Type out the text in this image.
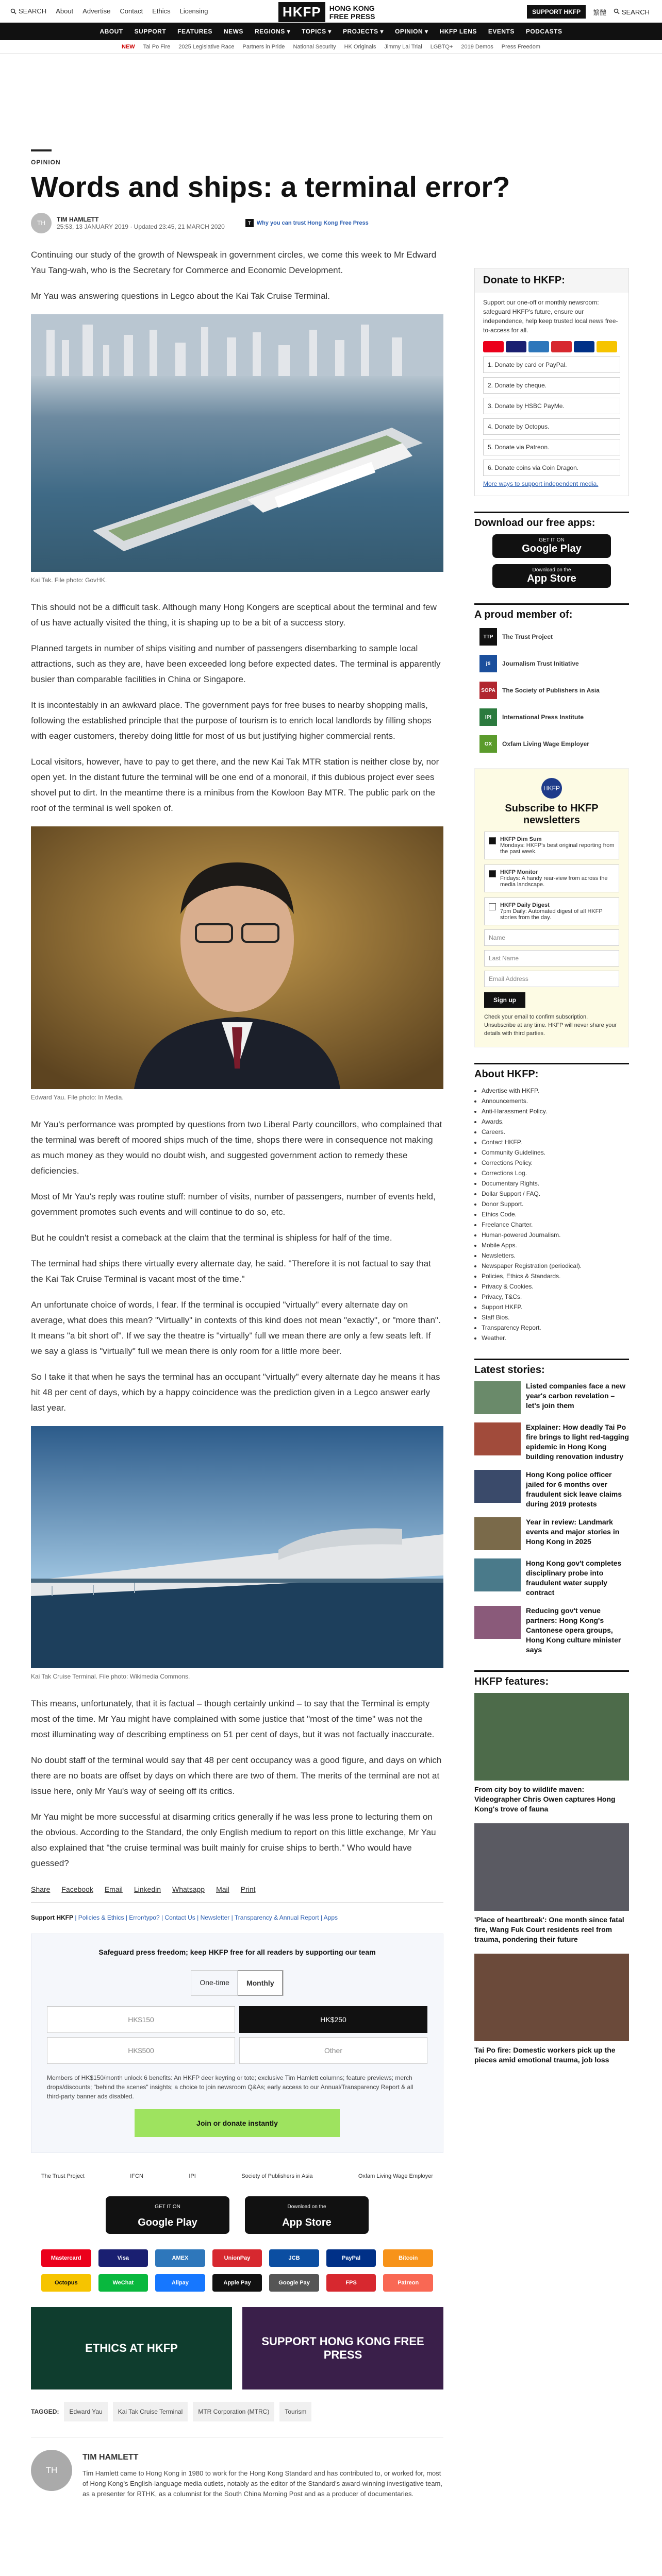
SEARCH About Advertise Contact Ethics Licensing	HKFP	HONG KONG
FREE PRESS
SUPPORT HKFP	繁體	SEARCH
ABOUT SUPPORT FEATURES NEWS REGIONS ▾ TOPICS ▾ PROJECTS ▾ OPINION ▾ HKFP LENS EVENTS PODCASTS
NEW Tai Po Fire 2025 Legislative Race Partners in Pride National Security HK Originals Jimmy Lai Trial LGBTQ+ 2019 Demos Press Freedom
OPINION
Words and ships: a terminal error?
TH	TIM HAMLETT
25:53, 13 JANUARY 2019 · Updated 23:45, 21 MARCH 2020	T	Why you can trust Hong Kong Free Press

Continuing our study of the growth of Newspeak in government circles, we come this week to Mr Edward Yau Tang-wah, who is the Secretary for Commerce and Economic Development.

Mr Yau was answering questions in Legco about the Kai Tak Cruise Terminal.

Kai Tak. File photo: GovHK.

This should not be a difficult task. Although many Hong Kongers are sceptical about the terminal and few of us have actually visited the thing, it is shaping up to be a bit of a success story.

Planned targets in number of ships visiting and number of passengers disembarking to sample local attractions, such as they are, have been exceeded long before expected dates. The terminal is apparently busier than comparable facilities in China or Singapore.

It is incontestably in an awkward place. The government pays for free buses to nearby shopping malls, following the established principle that the purpose of tourism is to enrich local landlords by filling shops with eager customers, thereby doing little for most of us but justifying higher commercial rents.

Local visitors, however, have to pay to get there, and the new Kai Tak MTR station is neither close by, nor open yet. In the distant future the terminal will be one end of a monorail, if this dubious project ever sees shovel put to dirt. In the meantime there is a minibus from the Kowloon Bay MTR. The public park on the roof of the terminal is well spoken of.

Edward Yau. File photo: In Media.

Mr Yau's performance was prompted by questions from two Liberal Party councillors, who complained that the terminal was bereft of moored ships much of the time, shops there were in consequence not making as much money as they would no doubt wish, and suggested government action to remedy these deficiencies.

Most of Mr Yau's reply was routine stuff: number of visits, number of passengers, number of events held, government promotes such events and will continue to do so, etc.

But he couldn't resist a comeback at the claim that the terminal is shipless for half of the time.

The terminal had ships there virtually every alternate day, he said. "Therefore it is not factual to say that the Kai Tak Cruise Terminal is vacant most of the time."

An unfortunate choice of words, I fear. If the terminal is occupied "virtually" every alternate day on average, what does this mean? "Virtually" in contexts of this kind does not mean "exactly", or "more than". It means "a bit short of". If we say the theatre is "virtually" full we mean there are only a few seats left. If we say a glass is "virtually" full we mean there is only room for a little more beer.

So I take it that when he says the terminal has an occupant "virtually" every alternate day he means it has hit 48 per cent of days, which by a happy coincidence was the prediction given in a Legco answer early last year.

Kai Tak Cruise Terminal. File photo: Wikimedia Commons.

This means, unfortunately, that it is factual – though certainly unkind – to say that the Terminal is empty most of the time. Mr Yau might have complained with some justice that "most of the time" was not the most illuminating way of describing emptiness on 51 per cent of days, but it was not factually inaccurate.

No doubt staff of the terminal would say that 48 per cent occupancy was a good figure, and days on which there are no boats are offset by days on which there are two of them. The merits of the terminal are not at issue here, only Mr Yau's way of seeing off its critics.

Mr Yau might be more successful at disarming critics generally if he was less prone to lecturing them on the obvious. According to the Standard, the only English medium to report on this little exchange, Mr Yau also explained that "the cruise terminal was built mainly for cruise ships to berth." Who would have guessed?

Share Facebook Email Linkedin Whatsapp Mail Print
Support HKFP | Policies & Ethics | Error/typo? | Contact Us | Newsletter | Transparency & Annual Report | Apps
Safeguard press freedom; keep HKFP free for all readers by supporting our team
One-time	Monthly
HK$150	HK$250
HK$500	Other
Members of HK$150/month unlock 6 benefits: An HKFP deer keyring or tote; exclusive Tim Hamlett columns; feature previews; merch drops/discounts; "behind the scenes" insights; a choice to join newsroom Q&As; early access to our Annual/Transparency Report & all third-party banner ads disabled.
Join or donate instantly
The Trust Project	IFCN	IPI	Society of Publishers in Asia	Oxfam Living Wage Employer
GET IT ON
Google Play
Download on the
App Store
Mastercard	Visa	AMEX	UnionPay	JCB	PayPal	Bitcoin
Octopus	WeChat	Alipay	Apple Pay	Google Pay	FPS	Patreon
ETHICS AT HKFP
SUPPORT HONG KONG FREE PRESS
TAGGED:	Edward Yau	Kai Tak Cruise Terminal	MTR Corporation (MTRC)	Tourism
TH
TIM HAMLETT

Tim Hamlett came to Hong Kong in 1980 to work for the Hong Kong Standard and has contributed to, or worked for, most of Hong Kong's English-language media outlets, notably as the editor of the Standard's award-winning investigative team, as a presenter for RTHK, as a columnist for the South China Morning Post and as a producer of documentaries.

Donate to HKFP:

Support our one-off or monthly newsroom: safeguard HKFP's future, ensure our independence, help keep trusted local news free-to-access for all.

1. Donate by card or PayPal.
2. Donate by cheque.
3. Donate by HSBC PayMe.
4. Donate by Octopus.
5. Donate via Patreon.
6. Donate coins via Coin Dragon.
More ways to support independent media.
Download our free apps:
GET IT ON
Google Play
Download on the
App Store
A proud member of:
TTP	The Trust Project
jti	Journalism Trust Initiative
SOPA The Society of Publishers in Asia
IPI	International Press Institute
OX	Oxfam Living Wage Employer
HKFP
Subscribe to HKFP newsletters
HKFP Dim Sum
Mondays: HKFP's best original reporting from the past week.
HKFP Monitor
Fridays: A handy rear-view from across the media landscape.
HKFP Daily Digest
7pm Daily: Automated digest of all HKFP stories from the day.
Name
Last Name
Email Address
Sign up

Check your email to confirm subscription. Unsubscribe at any time. HKFP will never share your details with third parties.

About HKFP:
• Advertise with HKFP.
• Announcements.
• Anti-Harassment Policy.
• Awards.
• Careers.
• Contact HKFP.
• Community Guidelines.
• Corrections Policy.
• Corrections Log.
• Documentary Rights.
• Dollar Support / FAQ.
• Donor Support.
• Ethics Code.
• Freelance Charter.
• Human-powered Journalism.
• Mobile Apps.
• Newsletters.
• Newspaper Registration (periodical).
• Policies, Ethics & Standards.
• Privacy & Cookies.
• Privacy, T&Cs.
• Support HKFP.
• Staff Bios.
• Transparency Report.
• Weather.
Latest stories:
Listed companies face a new year's carbon revelation – let's join them
Explainer: How deadly Tai Po fire brings to light red-tagging epidemic in Hong Kong building renovation industry
Hong Kong police officer jailed for 6 months over fraudulent sick leave claims during 2019 protests
Year in review: Landmark events and major stories in Hong Kong in 2025
Hong Kong gov't completes disciplinary probe into fraudulent water supply contract
Reducing gov't venue partners: Hong Kong's Cantonese opera groups, Hong Kong culture minister says
HKFP features:
From city boy to wildlife maven: Videographer Chris Owen captures Hong Kong's trove of fauna
'Place of heartbreak': One month since fatal fire, Wang Fuk Court residents reel from trauma, pondering their future
Tai Po fire: Domestic workers pick up the pieces amid emotional trauma, job loss
